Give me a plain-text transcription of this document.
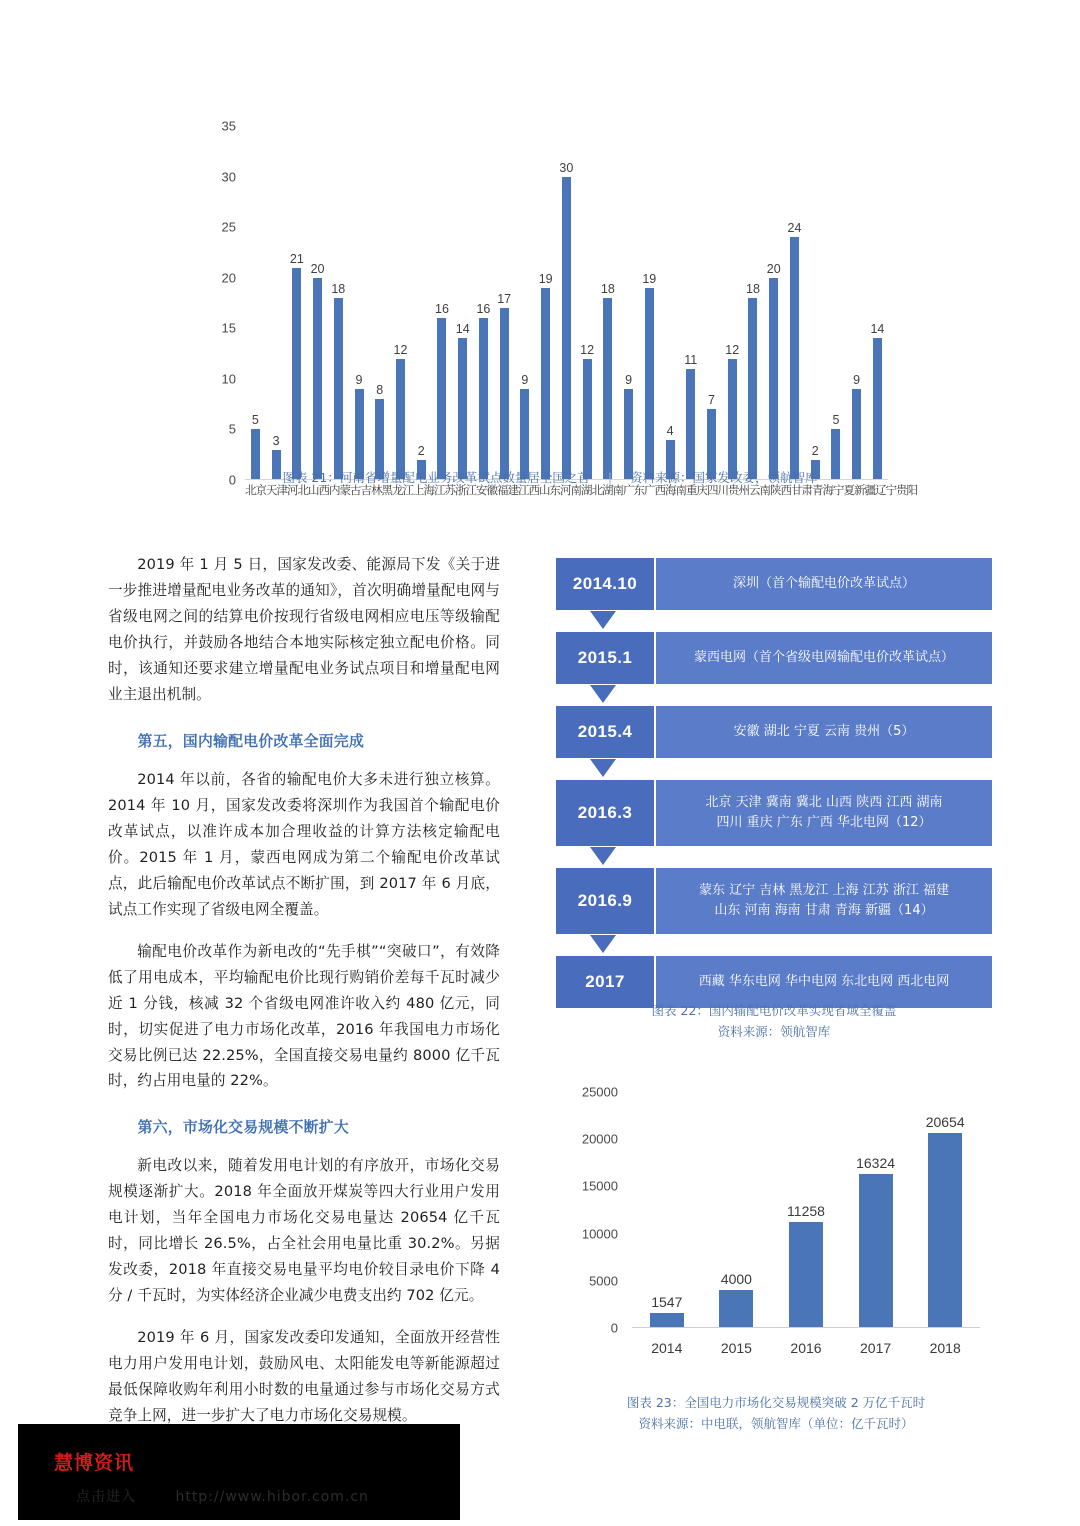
0
5
10
15
20
25
30
35
5
3
21
20
18
9
8
12
2
16
14
16
17
9
19
30
12
18
9
19
4
11
7
12
18
20
24
2
5
9
14
北京 天津 河北 山西 内蒙古 吉林 黑龙江 上海 江苏 浙江 安徽 福建 江西 山东 河南 湖北 湖南 广东 广西 海南 重庆 四川 贵州 云南 陕西 甘肃 青海 宁夏 新疆 辽宁 贵阳
图表 21：河南省增量配电业务改革试点数量居全国之首 | 资料来源：国家发改委，领航智库

2019 年 1 月 5 日，国家发改委、能源局下发《关于进一步推进增量配电业务改革的通知》，首次明确增量配电网与省级电网之间的结算电价按现行省级电网相应电压等级输配电价执行，并鼓励各地结合本地实际核定独立配电价格。同时，该通知还要求建立增量配电业务试点项目和增量配电网业主退出机制。

第五，国内输配电价改革全面完成

2014 年以前，各省的输配电价大多未进行独立核算。2014 年 10 月，国家发改委将深圳作为我国首个输配电价改革试点，以准许成本加合理收益的计算方法核定输配电价。2015 年 1 月，蒙西电网成为第二个输配电价改革试点，此后输配电价改革试点不断扩围，到 2017 年 6 月底，试点工作实现了省级电网全覆盖。

输配电价改革作为新电改的“先手棋”“突破口”，有效降低了用电成本，平均输配电价比现行购销价差每千瓦时减少近 1 分钱，核减 32 个省级电网准许收入约 480 亿元，同时，切实促进了电力市场化改革，2016 年我国电力市场化交易比例已达 22.25%，全国直接交易电量约 8000 亿千瓦时，约占用电量的 22%。

第六，市场化交易规模不断扩大

新电改以来，随着发用电计划的有序放开，市场化交易规模逐渐扩大。2018 年全面放开煤炭等四大行业用户发用电计划，当年全国电力市场化交易电量达 20654 亿千瓦时，同比增长 26.5%，占全社会用电量比重 30.2%。另据发改委，2018 年直接交易电量平均电价较目录电价下降 4 分 / 千瓦时，为实体经济企业减少电费支出约 702 亿元。

2019 年 6 月，国家发改委印发通知，全面放开经营性电力用户发用电计划，鼓励风电、太阳能发电等新能源超过最低保障收购年利用小时数的电量通过参与市场化交易方式竞争上网，进一步扩大了电力市场化交易规模。

2014.10	深圳（首个输配电价改革试点）
2015.1	蒙西电网（首个省级电网输配电价改革试点）
2015.4	安徽 湖北 宁夏 云南 贵州（5）
2016.3
北京 天津 冀南 冀北 山西 陕西 江西 湖南
四川 重庆 广东 广西 华北电网（12）
2016.9
蒙东 辽宁 吉林 黑龙江 上海 江苏 浙江 福建
山东 河南 海南 甘肃 青海 新疆（14）
2017	西藏 华东电网 华中电网 东北电网 西北电网
图表 22：国内输配电价改革实现省域全覆盖
资料来源：领航智库
0
5000
10000
15000
20000
25000
1547
4000
11258
16324
20654
2014	2015	2016	2017	2018
图表 23：全国电力市场化交易规模突破 2 万亿千瓦时
资料来源：中电联，领航智库（单位：亿千瓦时）
慧博资讯
点击进入	http://www.hibor.com.cn
